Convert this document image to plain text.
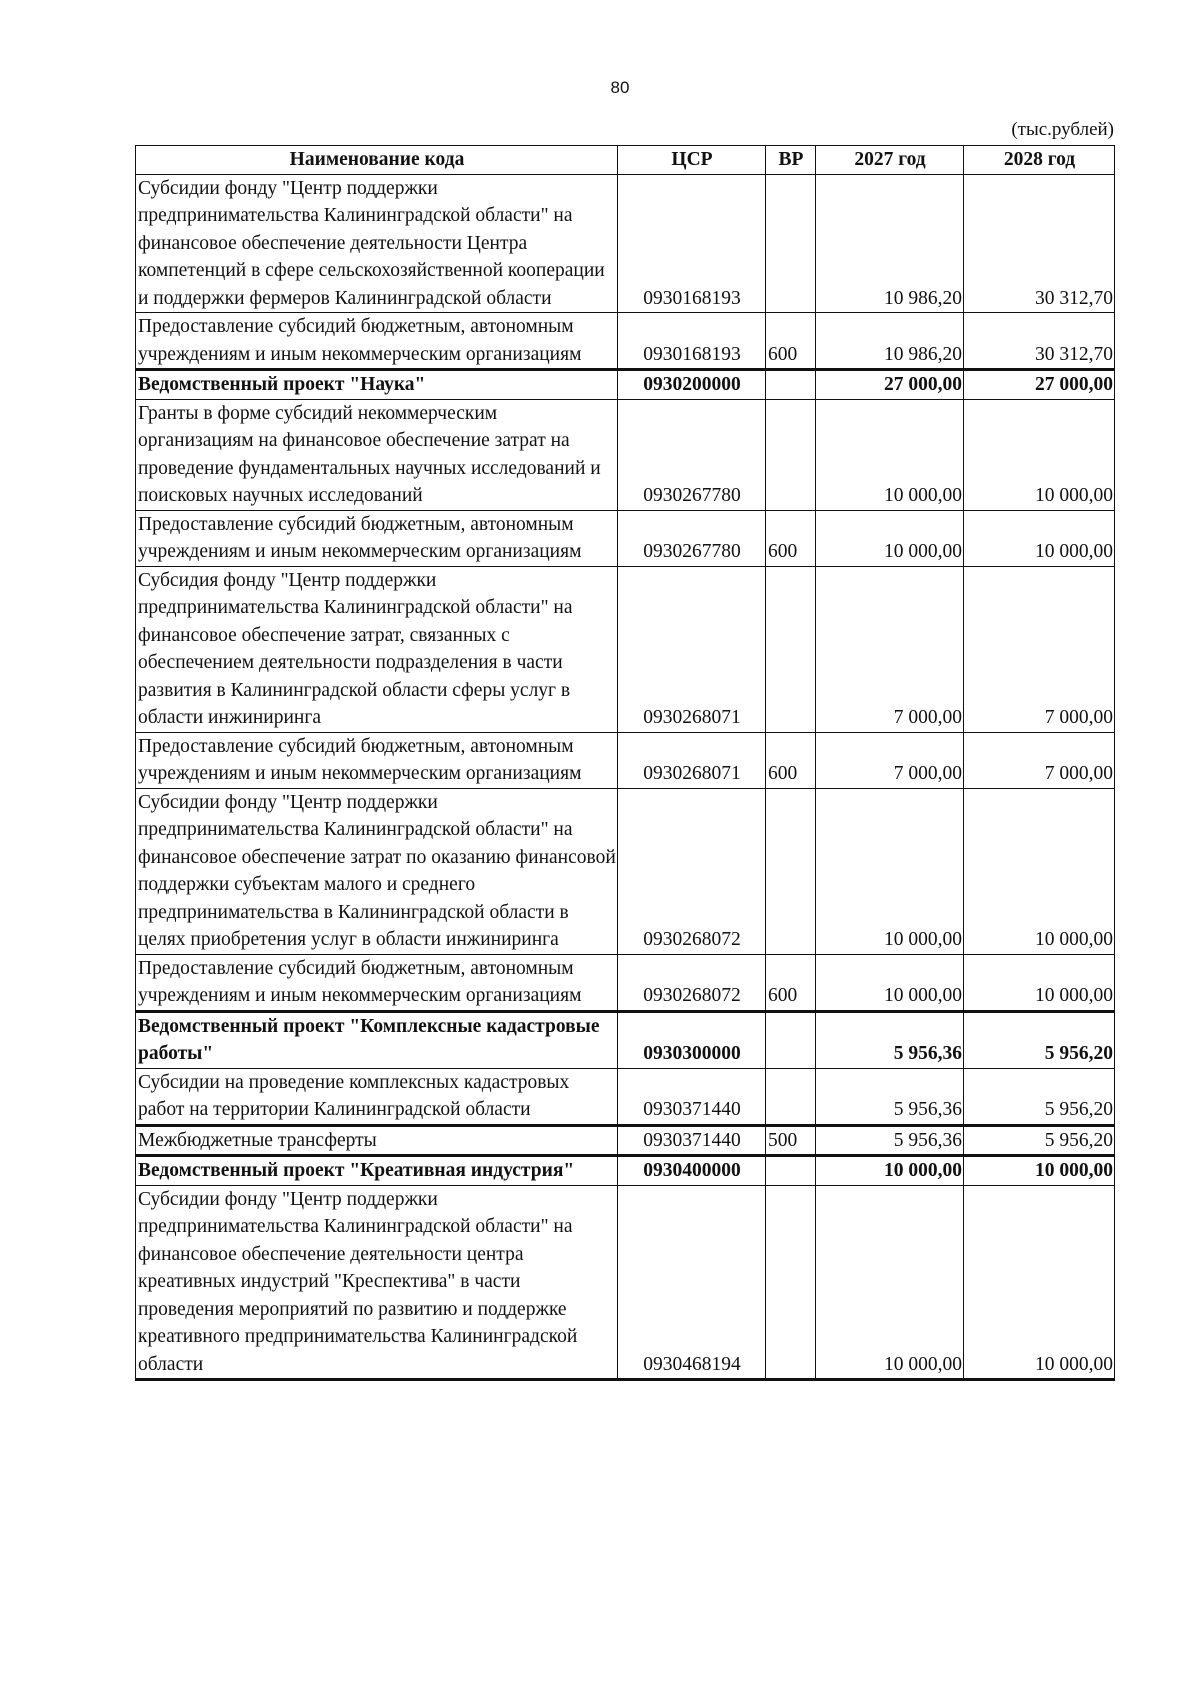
80
(тыс.рублей)
Наименование кода	ЦСР	ВР	2027 год	2028 год
Субсидии фонду "Центр поддержки предпринимательства Калининградской области" на финансовое обеспечение деятельности Центра компетенций в сфере сельскохозяйственной кооперации и поддержки фермеров Калининградской области	0930168193		10 986,20	30 312,70
Предоставление субсидий бюджетным, автономным учреждениям и иным некоммерческим организациям	0930168193	600	10 986,20	30 312,70
Ведомственный проект "Наука"	0930200000		27 000,00	27 000,00
Гранты в форме субсидий некоммерческим организациям на финансовое обеспечение затрат на проведение фундаментальных научных исследований и поисковых научных исследований	0930267780		10 000,00	10 000,00
Предоставление субсидий бюджетным, автономным учреждениям и иным некоммерческим организациям	0930267780	600	10 000,00	10 000,00
Субсидия фонду "Центр поддержки предпринимательства Калининградской области" на финансовое обеспечение затрат, связанных с обеспечением деятельности подразделения в части развития в Калининградской области сферы услуг в области инжиниринга	0930268071		7 000,00	7 000,00
Предоставление субсидий бюджетным, автономным учреждениям и иным некоммерческим организациям	0930268071	600	7 000,00	7 000,00
Субсидии фонду "Центр поддержки предпринимательства Калининградской области" на финансовое обеспечение затрат по оказанию финансовой поддержки субъектам малого и среднего предпринимательства в Калининградской области в целях приобретения услуг в области инжиниринга	0930268072		10 000,00	10 000,00
Предоставление субсидий бюджетным, автономным учреждениям и иным некоммерческим организациям	0930268072	600	10 000,00	10 000,00
Ведомственный проект "Комплексные кадастровые работы"	0930300000		5 956,36	5 956,20
Субсидии на проведение комплексных кадастровых работ на территории Калининградской области	0930371440		5 956,36	5 956,20
Межбюджетные трансферты	0930371440	500	5 956,36	5 956,20
Ведомственный проект "Креативная индустрия"	0930400000		10 000,00	10 000,00
Субсидии фонду "Центр поддержки предпринимательства Калининградской области" на финансовое обеспечение деятельности центра креативных индустрий "Креспектива" в части проведения мероприятий по развитию и поддержке креативного предпринимательства Калининградской области	0930468194		10 000,00	10 000,00
